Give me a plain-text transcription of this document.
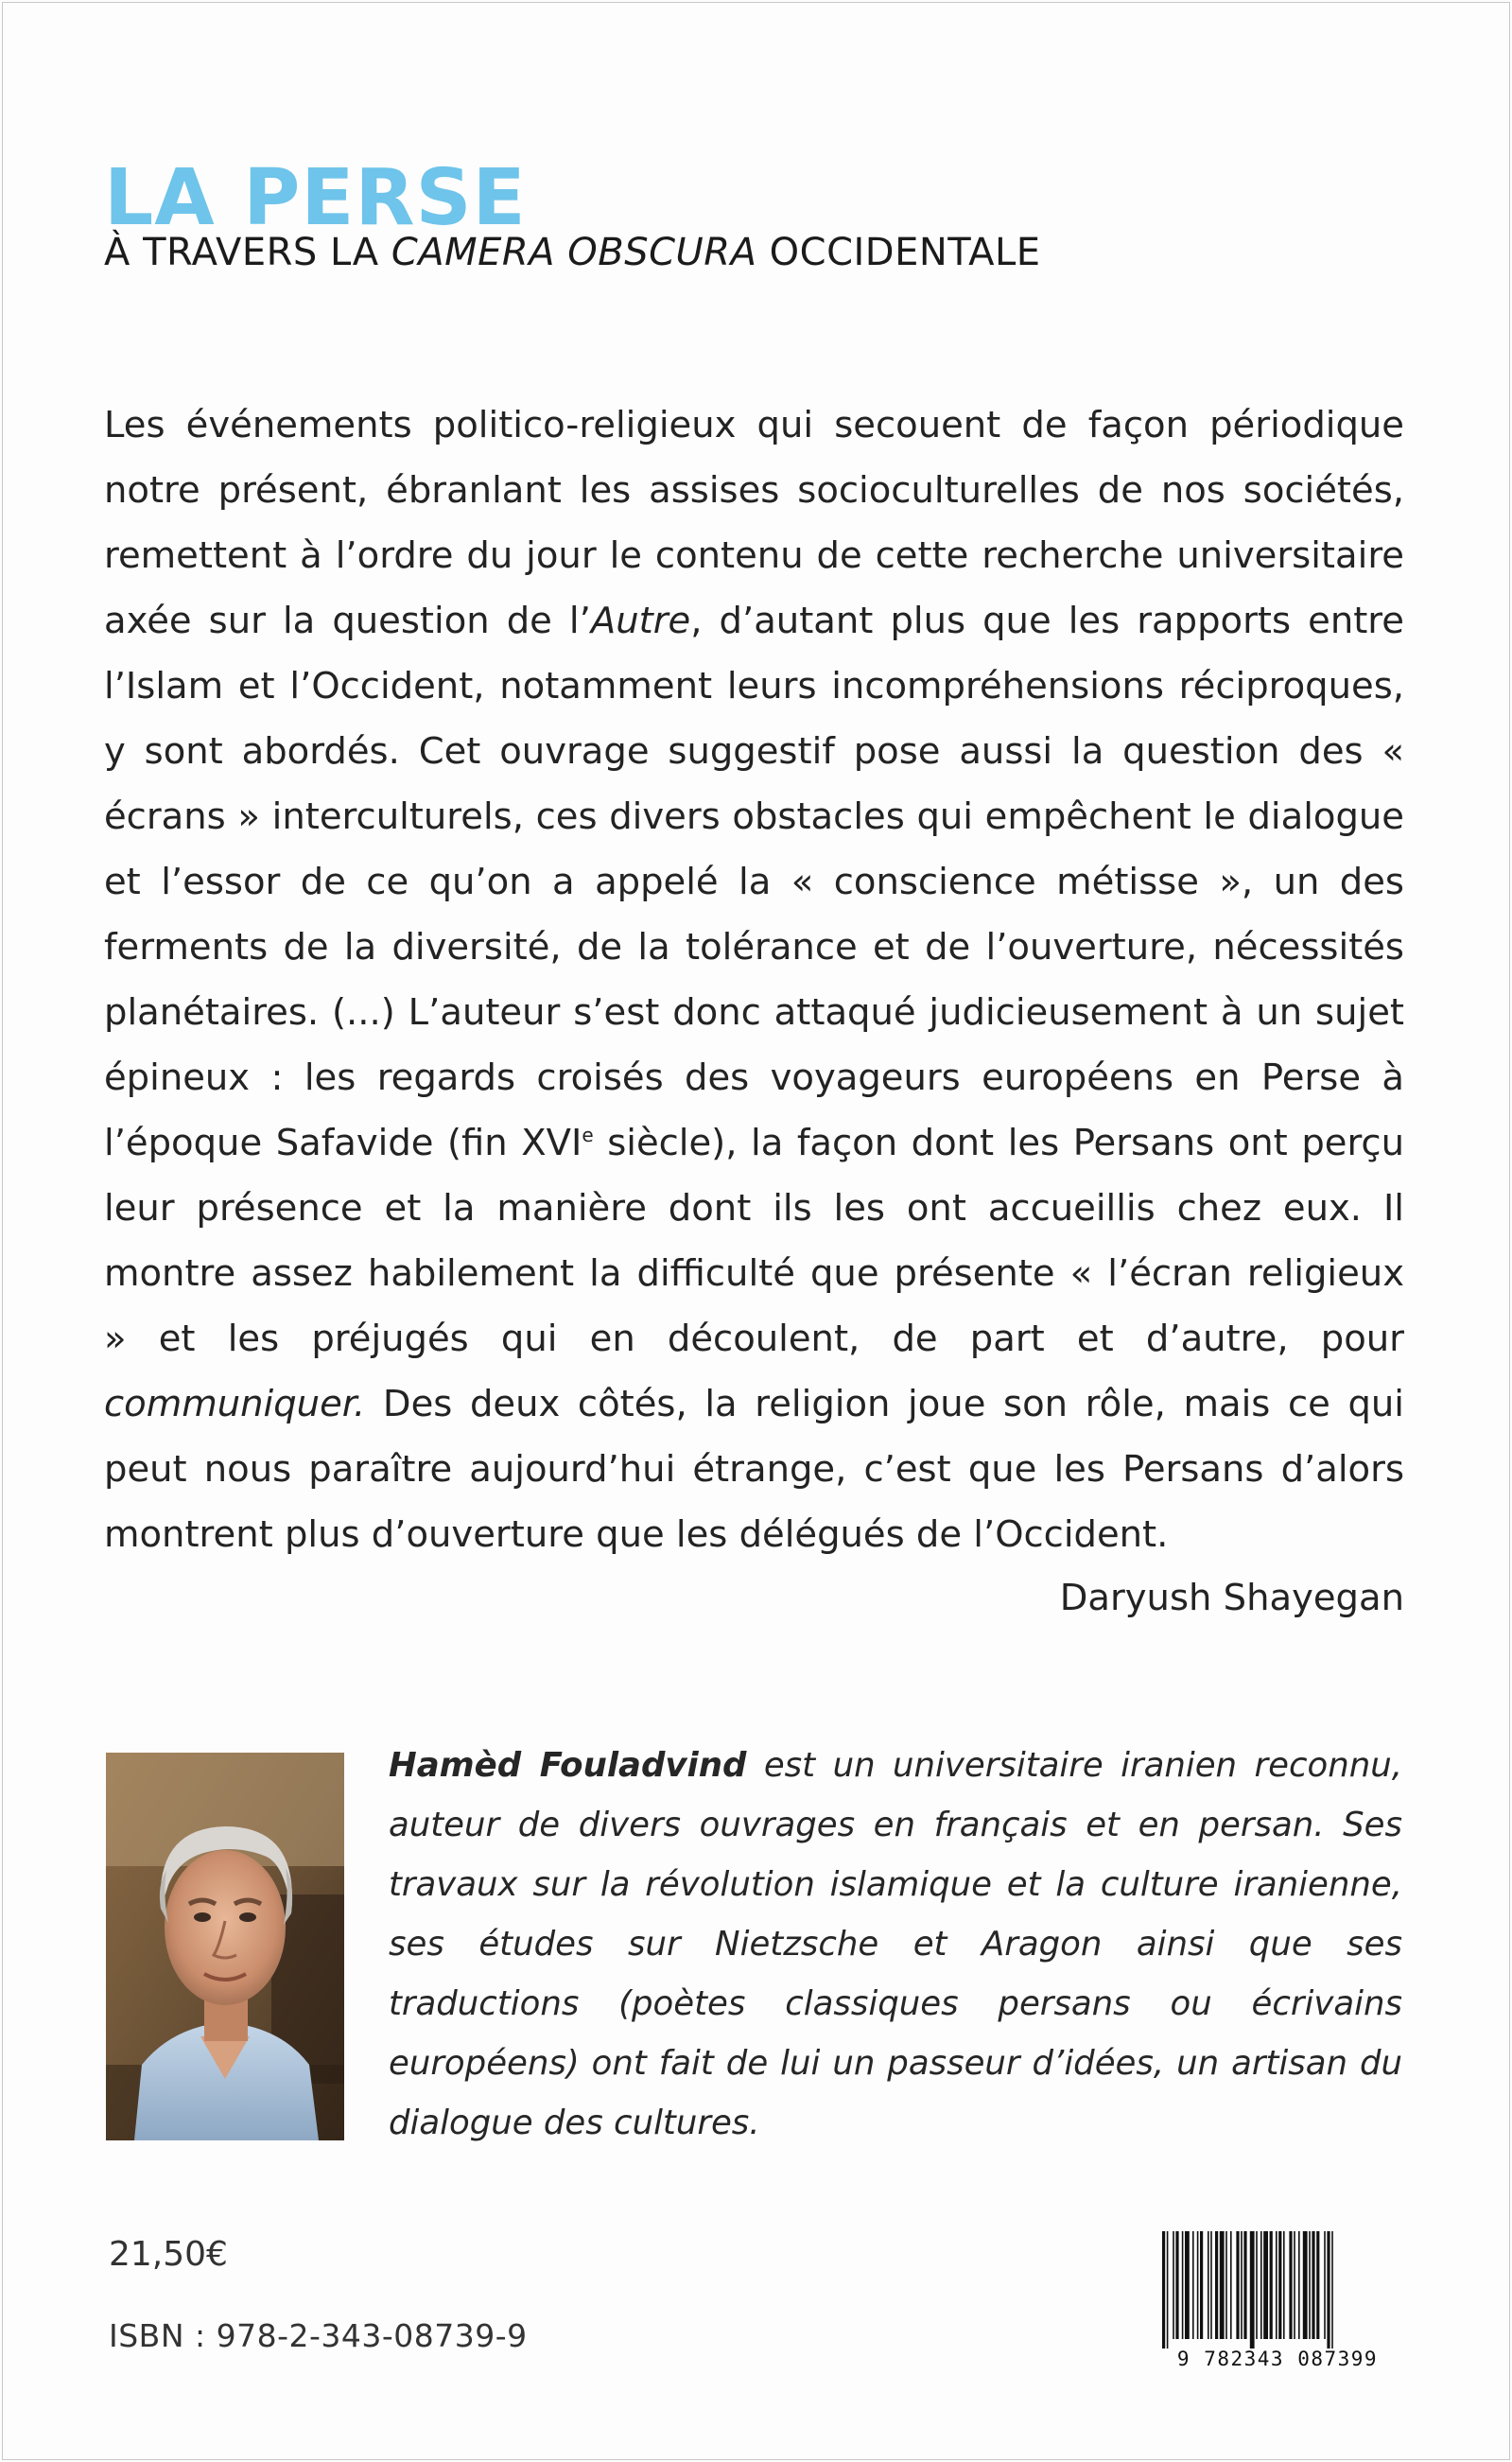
LA PERSE
À TRAVERS LA CAMERA OBSCURA OCCIDENTALE

Les événements politico-religieux qui secouent de façon périodique notre présent, ébranlant les assises socioculturelles de nos sociétés, remettent à l’ordre du jour le contenu de cette recherche universitaire axée sur la question de l’Autre, d’autant plus que les rapports entre l’Islam et l’Occident, notamment leurs incompréhensions réciproques, y sont abordés. Cet ouvrage suggestif pose aussi la question des « écrans » interculturels, ces divers obstacles qui empêchent le dialogue et l’essor de ce qu’on a appelé la « conscience métisse », un des ferments de la diversité, de la tolérance et de l’ouverture, nécessités planétaires. (...) L’auteur s’est donc attaqué judicieusement à un sujet épineux : les regards croisés des voyageurs européens en Perse à l’époque Safavide (fin XVIe siècle), la façon dont les Persans ont perçu leur présence et la manière dont ils les ont accueillis chez eux. Il montre assez habilement la difficulté que présente « l’écran religieux » et les préjugés qui en découlent, de part et d’autre, pour communiquer. Des deux côtés, la religion joue son rôle, mais ce qui peut nous paraître aujourd’hui étrange, c’est que les Persans d’alors montrent plus d’ouverture que les délégués de l’Occident.

Daryush Shayegan

Hamèd Fouladvind est un universitaire iranien reconnu, auteur de divers ouvrages en français et en persan. Ses travaux sur la révolution islamique et la culture iranienne, ses études sur Nietzsche et Aragon ainsi que ses traductions (poètes classiques persans ou écrivains européens) ont fait de lui un passeur d’idées, un artisan du dialogue des cultures.

21,50€
ISBN : 978-2-343-08739-9
9 782343 087399
